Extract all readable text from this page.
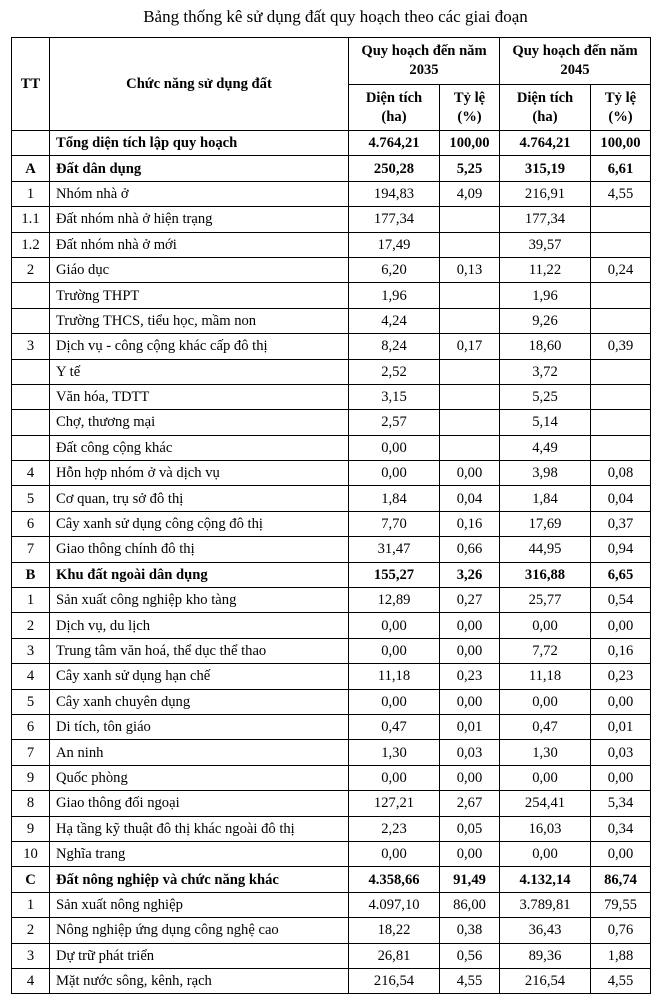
Bảng thống kê sử dụng đất quy hoạch theo các giai đoạn
TT	Chức năng sử dụng đất	Quy hoạch đến năm 2035		Quy hoạch đến năm 2045	
		Diện tích (ha)	Tỷ lệ (%)	Diện tích (ha)	Tỷ lệ (%)
	Tổng diện tích lập quy hoạch	4.764,21	100,00	4.764,21	100,00
A	Đất dân dụng	250,28	5,25	315,19	6,61
1	Nhóm nhà ở	194,83	4,09	216,91	4,55
1.1	Đất nhóm nhà ở hiện trạng	177,34		177,34	
1.2	Đất nhóm nhà ở mới	17,49		39,57	
2	Giáo dục	6,20	0,13	11,22	0,24
	Trường THPT	1,96		1,96	
	Trường THCS, tiểu học, mầm non	4,24		9,26	
3	Dịch vụ - công cộng khác cấp đô thị	8,24	0,17	18,60	0,39
	Y tế	2,52		3,72	
	Văn hóa, TDTT	3,15		5,25	
	Chợ, thương mại	2,57		5,14	
	Đất công cộng khác	0,00		4,49	
4	Hỗn hợp nhóm ở và dịch vụ	0,00	0,00	3,98	0,08
5	Cơ quan, trụ sở đô thị	1,84	0,04	1,84	0,04
6	Cây xanh sử dụng công cộng đô thị	7,70	0,16	17,69	0,37
7	Giao thông chính đô thị	31,47	0,66	44,95	0,94
B	Khu đất ngoài dân dụng	155,27	3,26	316,88	6,65
1	Sản xuất công nghiệp kho tàng	12,89	0,27	25,77	0,54
2	Dịch vụ, du lịch	0,00	0,00	0,00	0,00
3	Trung tâm văn hoá, thể dục thể thao	0,00	0,00	7,72	0,16
4	Cây xanh sử dụng hạn chế	11,18	0,23	11,18	0,23
5	Cây xanh chuyên dụng	0,00	0,00	0,00	0,00
6	Di tích, tôn giáo	0,47	0,01	0,47	0,01
7	An ninh	1,30	0,03	1,30	0,03
9	Quốc phòng	0,00	0,00	0,00	0,00
8	Giao thông đối ngoại	127,21	2,67	254,41	5,34
9	Hạ tầng kỹ thuật đô thị khác ngoài đô thị	2,23	0,05	16,03	0,34
10	Nghĩa trang	0,00	0,00	0,00	0,00
C	Đất nông nghiệp và chức năng khác	4.358,66	91,49	4.132,14	86,74
1	Sản xuất nông nghiệp	4.097,10	86,00	3.789,81	79,55
2	Nông nghiệp ứng dụng công nghệ cao	18,22	0,38	36,43	0,76
3	Dự trữ phát triển	26,81	0,56	89,36	1,88
4	Mặt nước sông, kênh, rạch	216,54	4,55	216,54	4,55
